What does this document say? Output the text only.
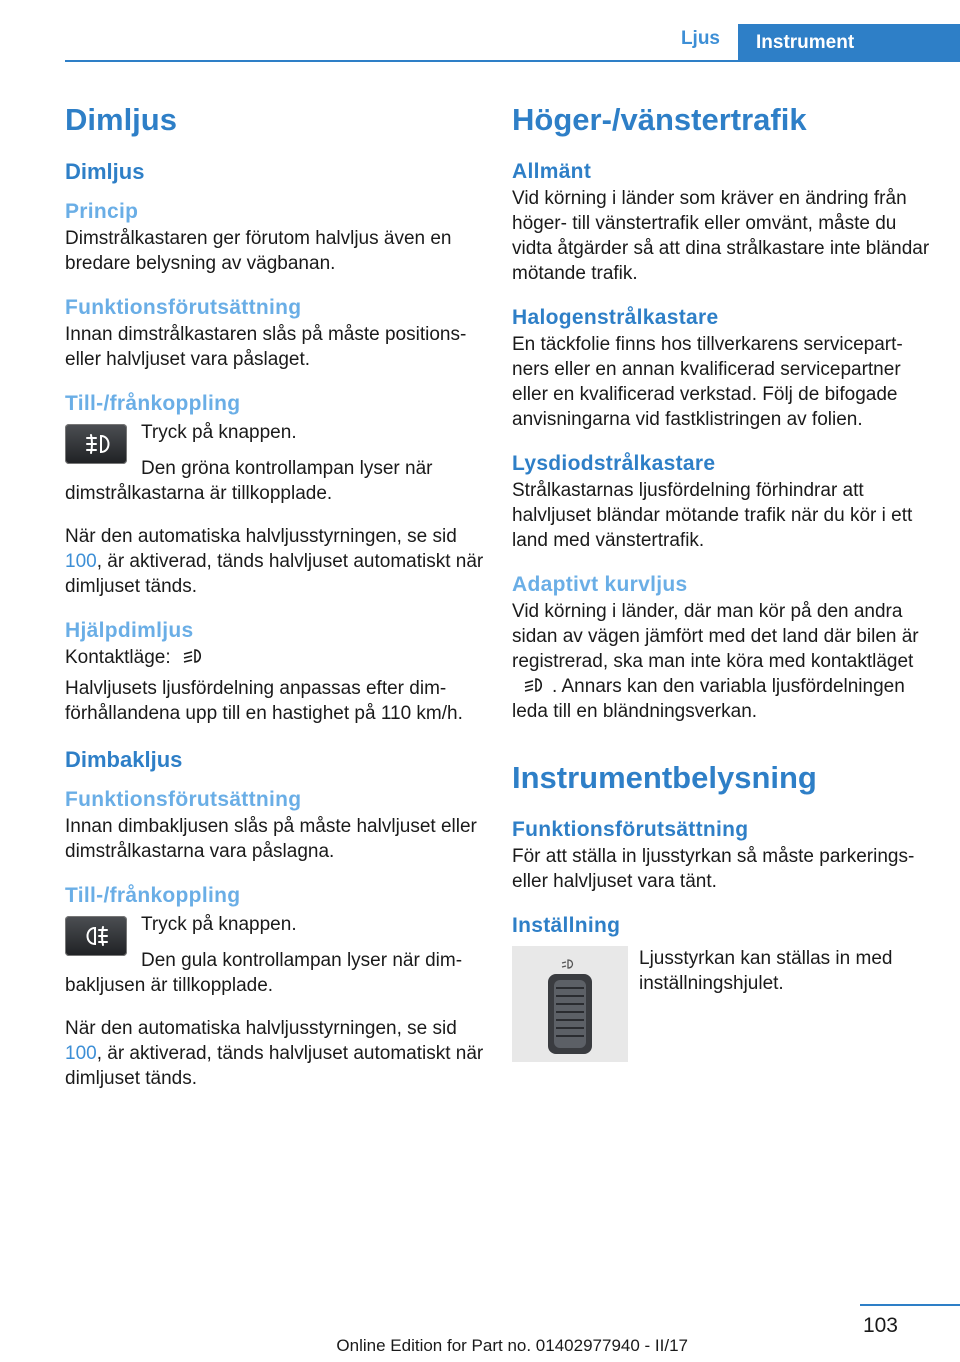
Ljus	Instrument
Dimljus
Dimljus
Princip

Dimstrålkastaren ger förutom halvljus även en bredare belysning av vägbanan.

Funktionsförutsättning

Innan dimstrålkastaren slås på måste positions- eller halvljuset vara påslaget.

Till-/frånkoppling

Tryck på knappen.

Den gröna kontrollampan lyser när

dimstrålkastarna är tillkopplade.

När den automatiska halvljusstyrningen, se sid 100, är aktiverad, tänds halvljuset automatiskt när dimljuset tänds.

Hjälpdimljus

Kontaktläge:

Halvljusets ljusfördelning anpassas efter dimförhållandena upp till en hastighet på 110 km/h.

Dimbakljus
Funktionsförutsättning

Innan dimbakljusen slås på måste halvljuset eller dimstrålkastarna vara påslagna.

Till-/frånkoppling

Tryck på knappen.

Den gula kontrollampan lyser när dim‐

bakljusen är tillkopplade.

När den automatiska halvljusstyrningen, se sid 100, är aktiverad, tänds halvljuset automatiskt när dimljuset tänds.

Höger-/vänstertrafik
Allmänt

Vid körning i länder som kräver en ändring från höger- till vänstertrafik eller omvänt, måste du vidta åtgärder så att dina strålkastare inte bländar mötande trafik.

Halogenstrålkastare

En täckfolie finns hos tillverkarens servicepartners eller en annan kvalificerad servicepartner eller en kvalificerad verkstad. Följ de bifogade anvisningarna vid fastklistringen av folien.

Lysdiodstrålkastare

Strålkastarnas ljusfördelning förhindrar att halvljuset bländar mötande trafik när du kör i ett land med vänstertrafik.

Adaptivt kurvljus

Vid körning i länder, där man kör på den andra sidan av vägen jämfört med det land där bilen är registrerad, ska man inte köra med kontaktläget. Annars kan den variabla ljusfördelningen leda till en bländningsverkan.

Instrumentbelysning
Funktionsförutsättning

För att ställa in ljusstyrkan så måste parkerings- eller halvljuset vara tänt.

Inställning

Ljusstyrkan kan ställas in med inställningshjulet.

103
Online Edition for Part no. 01402977940 - II/17
